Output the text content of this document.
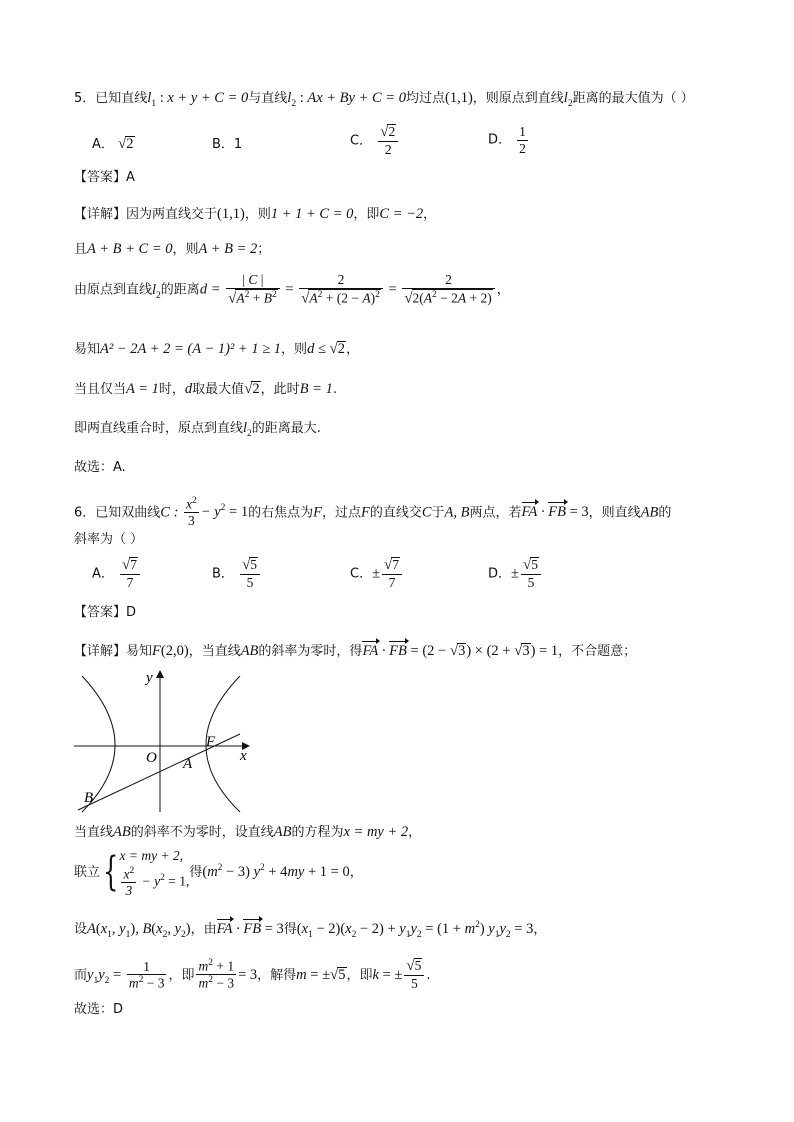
5．已知直线$l_1$ : x + y + C = 0与直线$l_2$ : Ax + By + C = 0均过点(1,1)，则原点到直线$l_2$距离的最大值为（ ）
A． √2	B．1	C． $\frac{√2}{2}$	D． $\frac{1}{2}$
【答案】A
【详解】因为两直线交于(1,1)，则1 + 1 + C = 0，即C = −2，
且A + B + C = 0，则A + B = 2；
由原点到直线$l_2$的距离$d = \frac{| C |}{√A^2 + B^2} = \frac{2}{√A^2 + (2 - A)^2} = \frac{2}{√2(A^2 - 2A + 2)}$ ，
易知A² − 2A + 2 = (A − 1)² + 1 ≥ 1，则d ≤ √2，
当且仅当A = 1时，d取最大值√2，此时B = 1.
即两直线重合时，原点到直线$l_2$的距离最大.
故选：A.
6．已知双曲线C : $\frac{x^2}{3} - y^2 = 1$的右焦点为F，过点F的直线交C于A, B两点，若FA · FB = 3，则直线AB的
斜率为（ ）
A． $\frac{√7}{7}$	B． $\frac{√5}{5}$	C．± $\frac{√7}{7}$	D．± $\frac{√5}{5}$
【答案】D
【详解】易知F(2,0)，当直线AB的斜率为零时，得FA · FB = (2 − √3) × (2 + √3) = 1，不合题意；
y
x
O
F
A
B
当直线AB的斜率不为零时，设直线AB的方程为x = my + 2，
联立{ x = my + 2,
$\frac{x^2}{3} - y^2 = 1$,
得$(m^2 - 3) y^2 + 4my + 1 = 0$，
设$A(x_1$, $y_1$), $B(x_2$, $y_2$)，由FA · FB = 3得$(x_1 - 2)(x_2 - 2) + y_1y_2 = (1 + m^2) y_1y_2 = 3$，
而$y_1y_2 = \frac{1}{m^2 - 3}$ ，即 $\frac{m^2 + 1}{m^2 - 3} = 3$，解得m = ±√5，即k = ± $\frac{√5}{5}$ .
故选：D
